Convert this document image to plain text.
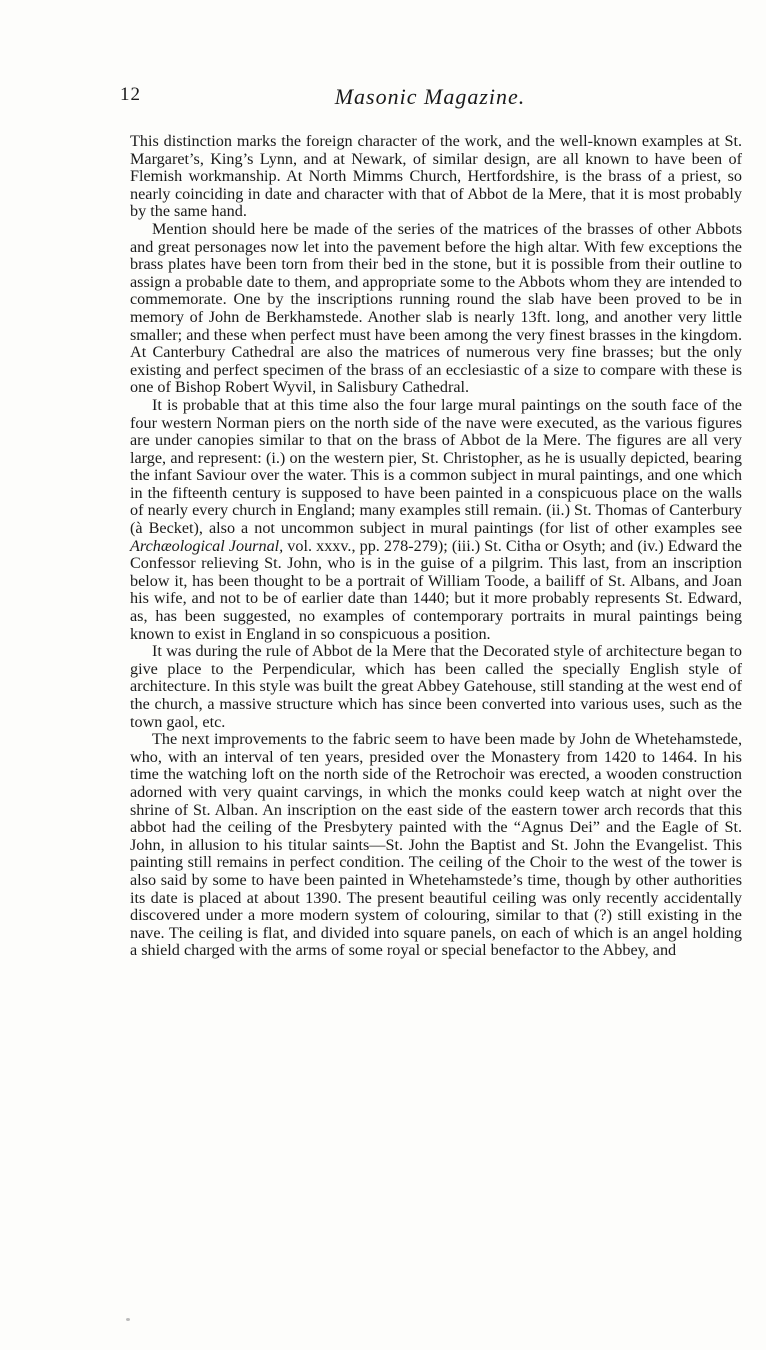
12	Masonic Magazine.

This distinction marks the foreign character of the work, and the well-known examples at St. Margaret’s, King’s Lynn, and at Newark, of similar design, are all known to have been of Flemish workmanship. At North Mimms Church, Hertfordshire, is the brass of a priest, so nearly coinciding in date and character with that of Abbot de la Mere, that it is most probably by the same hand.

Mention should here be made of the series of the matrices of the brasses of other Abbots and great personages now let into the pavement before the high altar. With few exceptions the brass plates have been torn from their bed in the stone, but it is possible from their outline to assign a probable date to them, and appropriate some to the Abbots whom they are intended to commemorate. One by the inscriptions running round the slab have been proved to be in memory of John de Berkhamstede. Another slab is nearly 13ft. long, and another very little smaller; and these when perfect must have been among the very finest brasses in the kingdom. At Canterbury Cathedral are also the matrices of numerous very fine brasses; but the only existing and perfect specimen of the brass of an ecclesiastic of a size to compare with these is one of Bishop Robert Wyvil, in Salisbury Cathedral.

It is probable that at this time also the four large mural paintings on the south face of the four western Norman piers on the north side of the nave were executed, as the various figures are under canopies similar to that on the brass of Abbot de la Mere. The figures are all very large, and represent: (i.) on the western pier, St. Christopher, as he is usually depicted, bearing the infant Saviour over the water. This is a common subject in mural paintings, and one which in the fifteenth century is supposed to have been painted in a conspicuous place on the walls of nearly every church in England; many examples still remain. (ii.) St. Thomas of Canterbury (à Becket), also a not uncommon subject in mural paintings (for list of other examples see Archæological Journal, vol. xxxv., pp. 278-279); (iii.) St. Citha or Osyth; and (iv.) Edward the Confessor relieving St. John, who is in the guise of a pilgrim. This last, from an inscription below it, has been thought to be a portrait of William Toode, a bailiff of St. Albans, and Joan his wife, and not to be of earlier date than 1440; but it more probably represents St. Edward, as, has been suggested, no examples of contemporary portraits in mural paintings being known to exist in England in so conspicuous a position.

It was during the rule of Abbot de la Mere that the Decorated style of architecture began to give place to the Perpendicular, which has been called the specially English style of architecture. In this style was built the great Abbey Gatehouse, still standing at the west end of the church, a massive structure which has since been converted into various uses, such as the town gaol, etc.

The next improvements to the fabric seem to have been made by John de Whetehamstede, who, with an interval of ten years, presided over the Monastery from 1420 to 1464. In his time the watching loft on the north side of the Retrochoir was erected, a wooden construction adorned with very quaint carvings, in which the monks could keep watch at night over the shrine of St. Alban. An inscription on the east side of the eastern tower arch records that this abbot had the ceiling of the Presbytery painted with the “Agnus Dei” and the Eagle of St. John, in allusion to his titular saints—St. John the Baptist and St. John the Evangelist. This painting still remains in perfect condition. The ceiling of the Choir to the west of the tower is also said by some to have been painted in Whetehamstede’s time, though by other authorities its date is placed at about 1390. The present beautiful ceiling was only recently accidentally discovered under a more modern system of colouring, similar to that (?) still existing in the nave. The ceiling is flat, and divided into square panels, on each of which is an angel holding a shield charged with the arms of some royal or special benefactor to the Abbey, and
